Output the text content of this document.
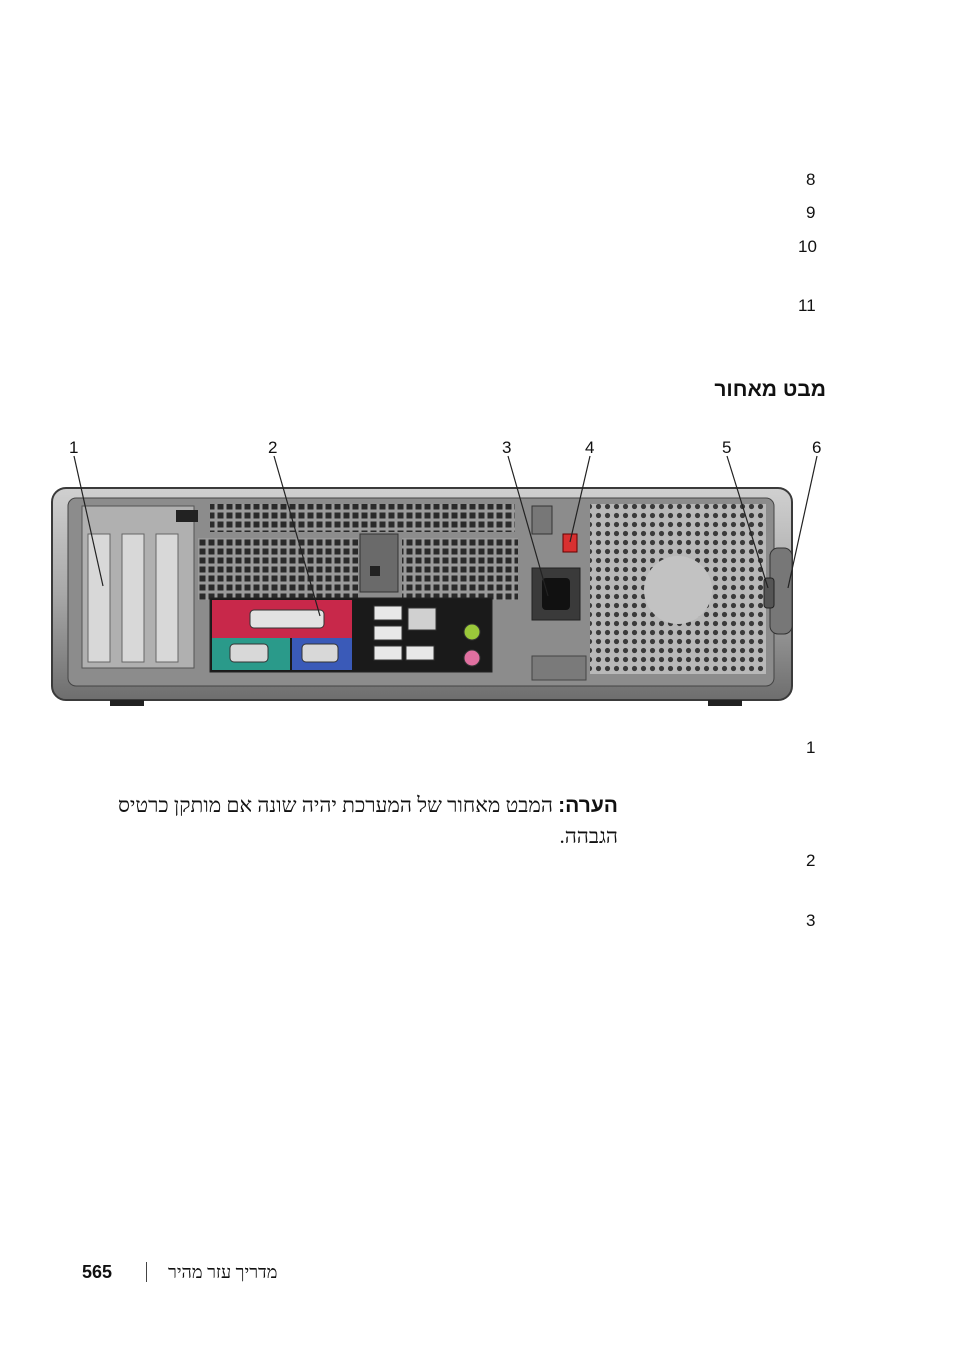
8
9
10
11
מבט מאחור
1	2	3	4	5	6
1
הערה: המבט מאחור של המערכת יהיה שונה אם מותקן כרטיס הגבהה.
2
3
565	מדריך עזר מהיר
